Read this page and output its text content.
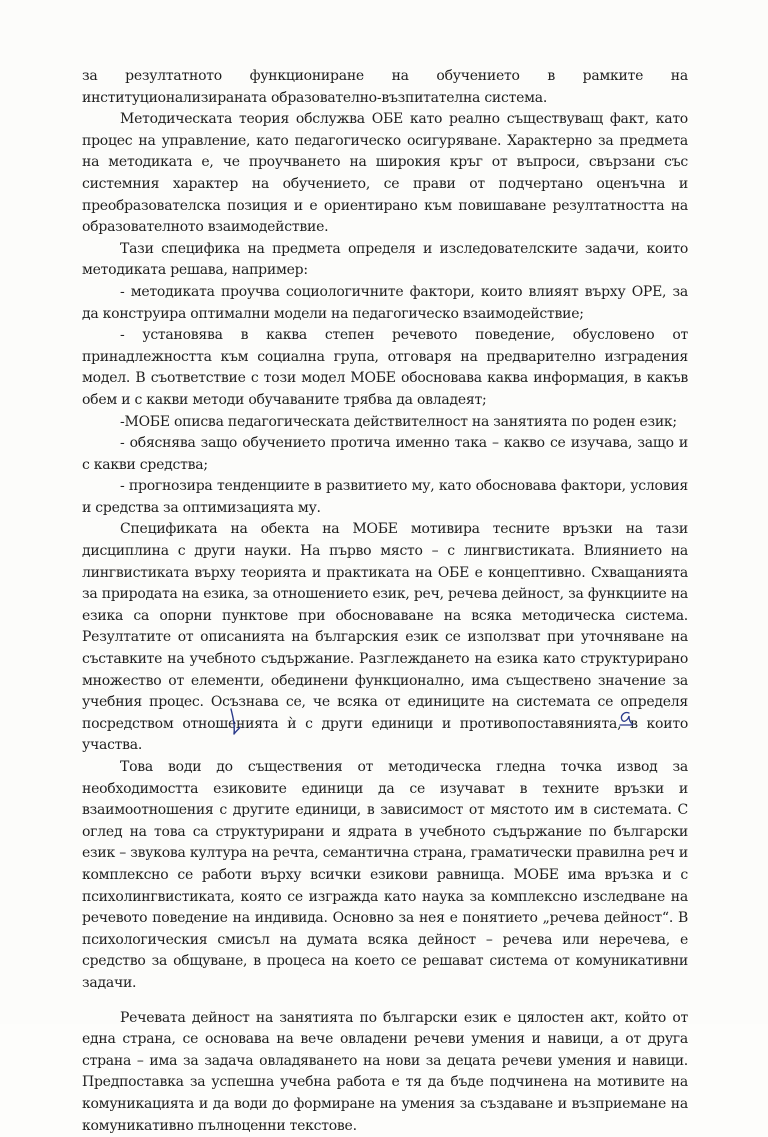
за резултатното функциониране на обучението в рамките на институционализираната образователно-възпитателна система.

Методическата теория обслужва ОБЕ като реално съществуващ факт, като процес на управление, като педагогическо осигуряване. Характерно за предмета на методиката е, че проучването на широкия кръг от въпроси, свързани със системния характер на обучението, се прави от подчертано оценъчна и преобразователска позиция и е ориентирано към повишаване резултатността на образователното взаимодействие.

Тази специфика на предмета определя и изследователските задачи, които методиката решава, например:

- методиката проучва социологичните фактори, които влияят върху ОРЕ, за да конструира оптимални модели на педагогическо взаимодействие;

- установява в каква степен речевото поведение, обусловено от принадлежността към социална група, отговаря на предварително изградения модел. В съответствие с този модел МОБЕ обосновава каква информация, в какъв обем и с какви методи обучаваните трябва да овладеят;

-МОБЕ описва педагогическата действителност на занятията по роден език;

- обяснява защо обучението протича именно така – какво се изучава, защо и с какви средства;

- прогнозира тенденциите в развитието му, като обосновава фактори, условия и средства за оптимизацията му.

Спецификата на обекта на МОБЕ мотивира тесните връзки на тази дисциплина с други науки. На първо място – с лингвистиката. Влиянието на лингвистиката върху теорията и практиката на ОБЕ е концептивно. Схващанията за природата на езика, за отношението език, реч, речева дейност, за функциите на езика са опорни пунктове при обосноваване на всяка методическа система. Резултатите от описанията на българския език се използват при уточняване на съставките на учебното съдържание. Разглеждането на езика като структурирано множество от елементи, обединени функционално, има съществено значение за учебния процес. Осъзнава се, че всяка от единиците на системата се определя посредством отношенията ѝ с други единици и противопоставянията, в които участва.

Това води до съществения от методическа гледна точка извод за необходимостта езиковите единици да се изучават в техните връзки и взаимоотношения с другите единици, в зависимост от мястото им в системата. С оглед на това са структурирани и ядрата в учебното съдържание по български език – звукова култура на речта, семантична страна, граматически правилна реч и комплексно се работи върху всички езикови равнища. МОБЕ има връзка и с психолингвистиката, която се изгражда като наука за комплексно изследване на речевото поведение на индивида. Основно за нея е понятието „речева дейност“. В психологическия смисъл на думата всяка дейност – речева или неречева, е средство за общуване, в процеса на което се решават система от комуникативни задачи.

Речевата дейност на занятията по български език е цялостен акт, който от една страна, се основава на вече овладени речеви умения и навици, а от друга страна – има за задача овладяването на нови за децата речеви умения и навици. Предпоставка за успешна учебна работа е тя да бъде подчинена на мотивите на комуникацията и да води до формиране на умения за създаване и възприемане на комуникативно пълноценни текстове.
